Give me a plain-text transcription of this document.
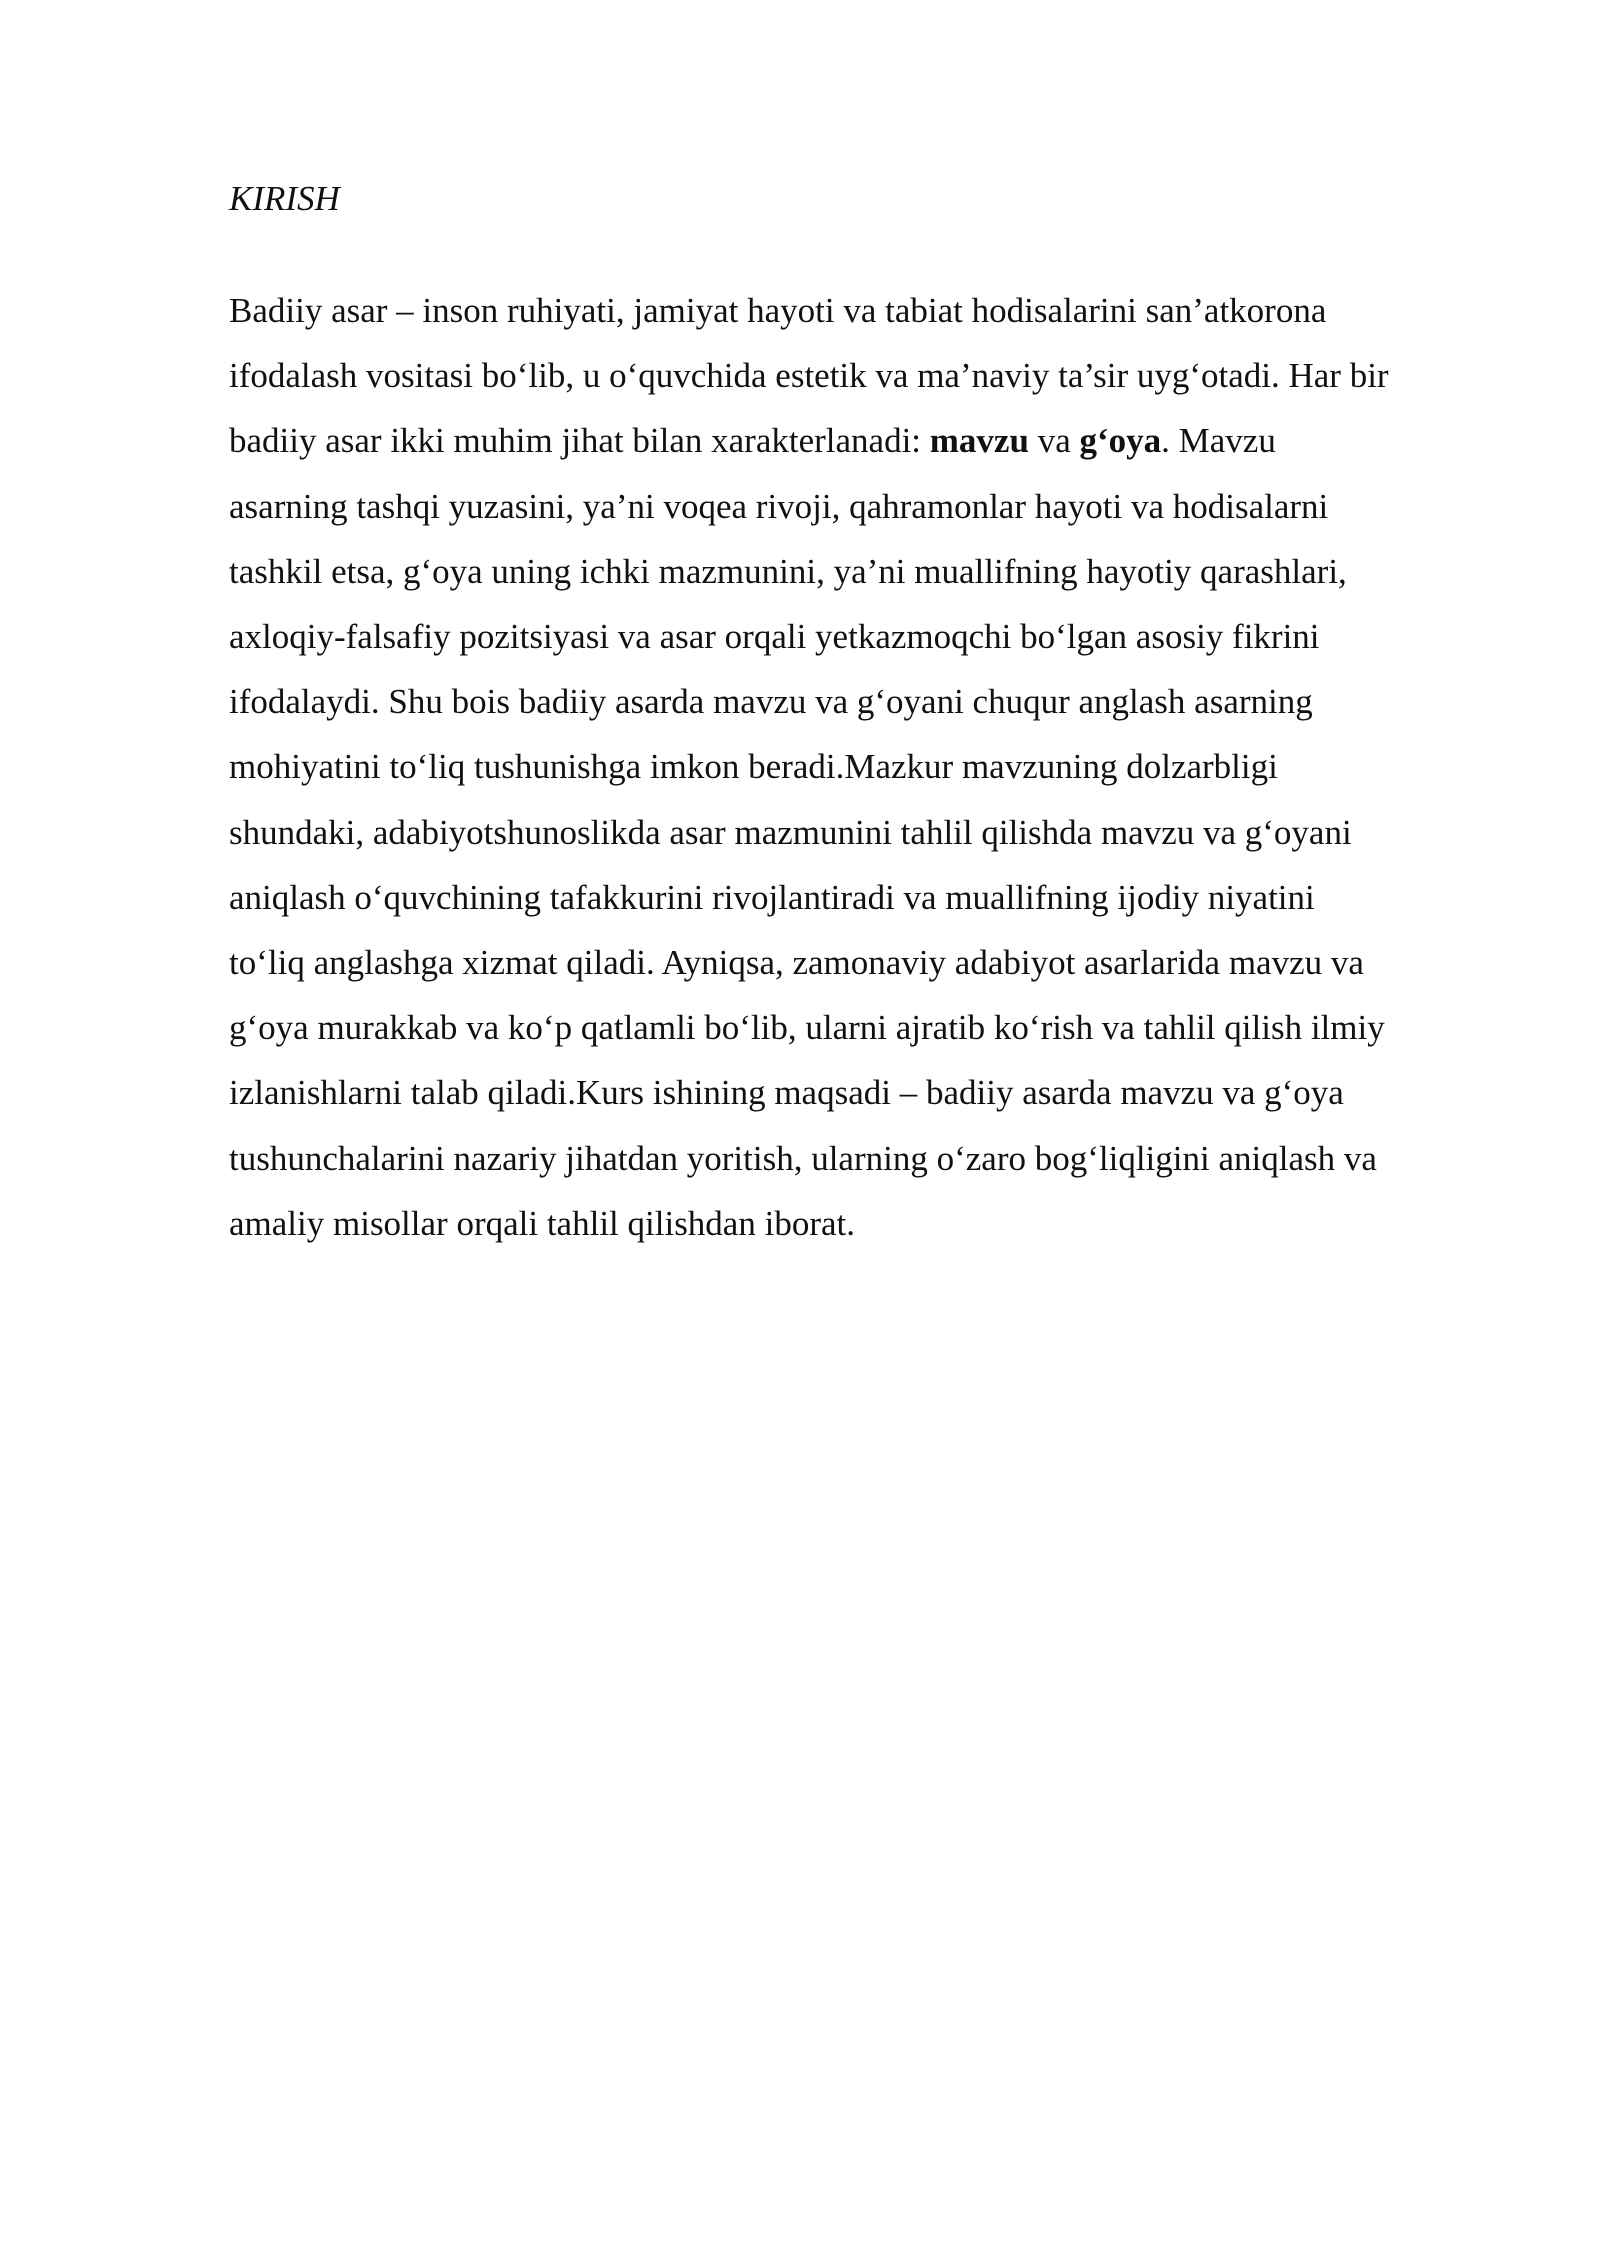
KIRISH

Badiiy asar – inson ruhiyati, jamiyat hayoti va tabiat hodisalarini san’atkorona
ifodalash vositasi bo‘lib, u o‘quvchida estetik va ma’naviy ta’sir uyg‘otadi. Har bir
badiiy asar ikki muhim jihat bilan xarakterlanadi: mavzu va g‘oya. Mavzu
asarning tashqi yuzasini, ya’ni voqea rivoji, qahramonlar hayoti va hodisalarni
tashkil etsa, g‘oya uning ichki mazmunini, ya’ni muallifning hayotiy qarashlari,
axloqiy-falsafiy pozitsiyasi va asar orqali yetkazmoqchi bo‘lgan asosiy fikrini
ifodalaydi. Shu bois badiiy asarda mavzu va g‘oyani chuqur anglash asarning
mohiyatini to‘liq tushunishga imkon beradi.Mazkur mavzuning dolzarbligi
shundaki, adabiyotshunoslikda asar mazmunini tahlil qilishda mavzu va g‘oyani
aniqlash o‘quvchining tafakkurini rivojlantiradi va muallifning ijodiy niyatini
to‘liq anglashga xizmat qiladi. Ayniqsa, zamonaviy adabiyot asarlarida mavzu va
g‘oya murakkab va ko‘p qatlamli bo‘lib, ularni ajratib ko‘rish va tahlil qilish ilmiy
izlanishlarni talab qiladi.Kurs ishining maqsadi – badiiy asarda mavzu va g‘oya
tushunchalarini nazariy jihatdan yoritish, ularning o‘zaro bog‘liqligini aniqlash va
amaliy misollar orqali tahlil qilishdan iborat.
